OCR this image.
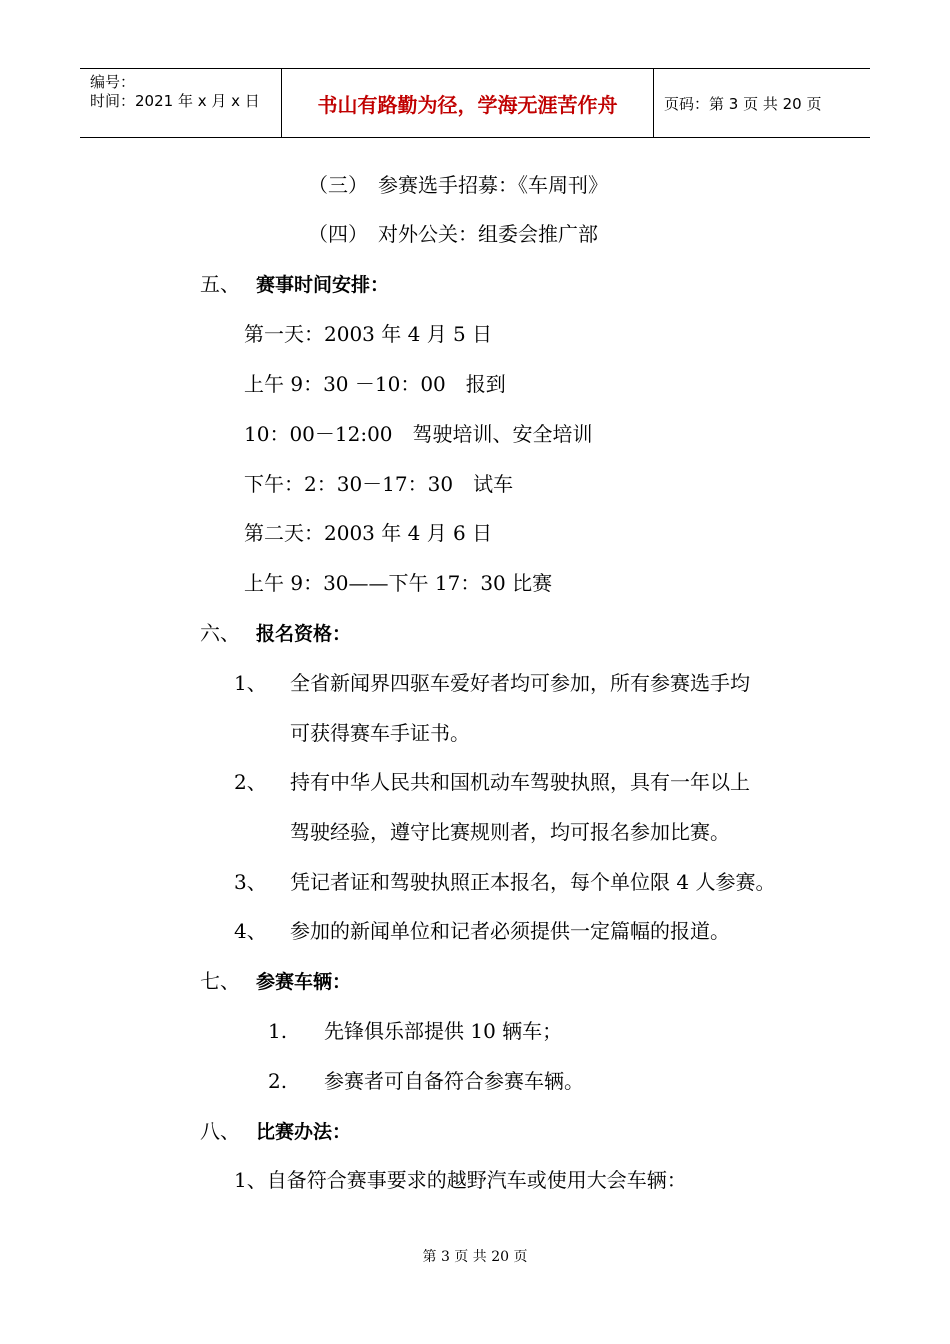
编号：
时间：2021 年 x 月 x 日	书山有路勤为径，学海无涯苦作舟	页码：第 3 页 共 20 页
（三）　参赛选手招募：《车周刊》
（四）　对外公关：组委会推广部
五、 赛事时间安排：
第一天：2003 年 4 月 5 日
上午 9：30 －10：00　报到
10：00－12:00　驾驶培训、安全培训
下午：2：30－17：30　试车
第二天：2003 年 4 月 6 日
上午 9：30——下午 17：30 比赛
六、 报名资格：
1、 全省新闻界四驱车爱好者均可参加，所有参赛选手均
可获得赛车手证书。
2、 持有中华人民共和国机动车驾驶执照，具有一年以上
驾驶经验，遵守比赛规则者，均可报名参加比赛。
3、 凭记者证和驾驶执照正本报名，每个单位限 4 人参赛。
4、 参加的新闻单位和记者必须提供一定篇幅的报道。
七、 参赛车辆：
1. 先锋俱乐部提供 10 辆车；
2. 参赛者可自备符合参赛车辆。
八、 比赛办法：
1、自备符合赛事要求的越野汽车或使用大会车辆：
第 3 页 共 20 页
